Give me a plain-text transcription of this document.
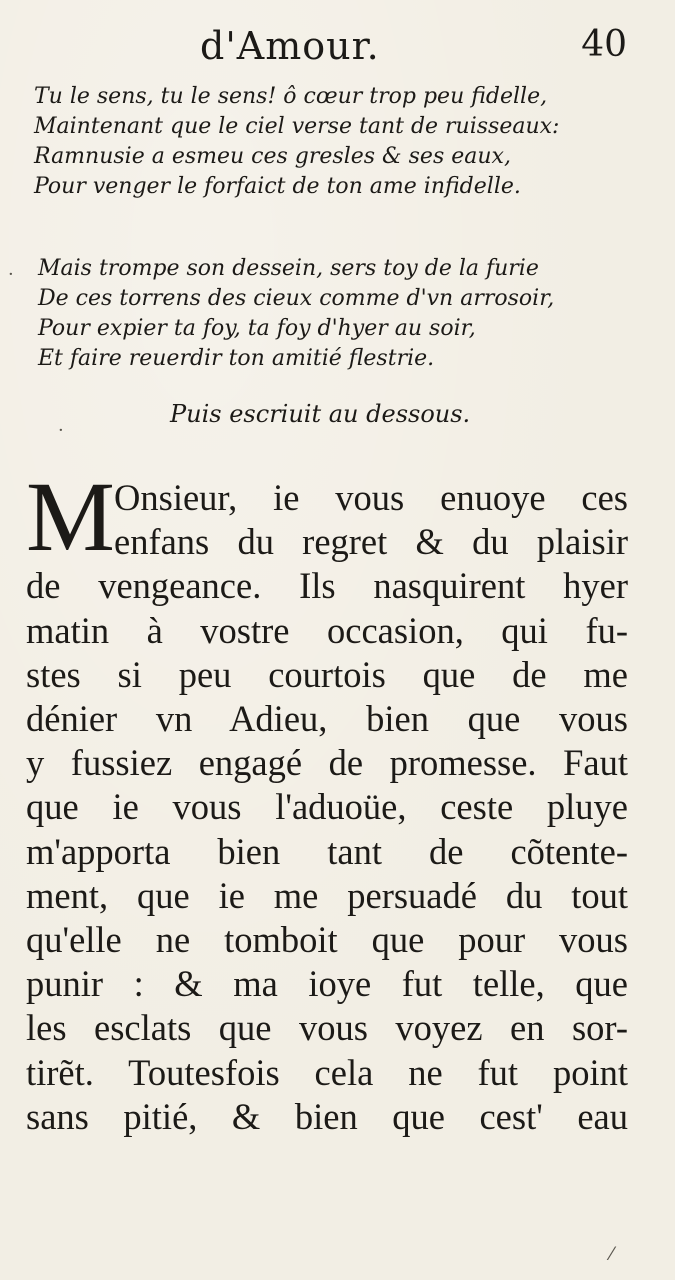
d'Amour.	40
Tu le sens, tu le sens! ô cœur trop peu fidelle,
Maintenant que le ciel verse tant de ruisseaux:
Ramnusie a esmeu ces gresles & ses eaux,
Pour venger le forfaict de ton ame infidelle.
Mais trompe son dessein, sers toy de la furie
De ces torrens des cieux comme d'vn arrosoir,
Pour expier ta foy, ta foy d'hyer au soir,
Et faire reuerdir ton amitié flestrie.
Puis escriuit au dessous.
M Onsieur, ie vous enuoye ces
enfans du regret & du plaisir
de vengeance. Ils nasquirent hyer
matin à vostre occasion, qui fu-
stes si peu courtois que de me
dénier vn Adieu, bien que vous
y fussiez engagé de promesse. Faut
que ie vous l'aduoüe, ceste pluye
m'apporta bien tant de cõtente-
ment, que ie me persuadé du tout
qu'elle ne tomboit que pour vous
punir : & ma ioye fut telle, que
les esclats que vous voyez en sor-
tirẽt. Toutesfois cela ne fut point
sans pitié, & bien que cest' eau
·
·
⁄
